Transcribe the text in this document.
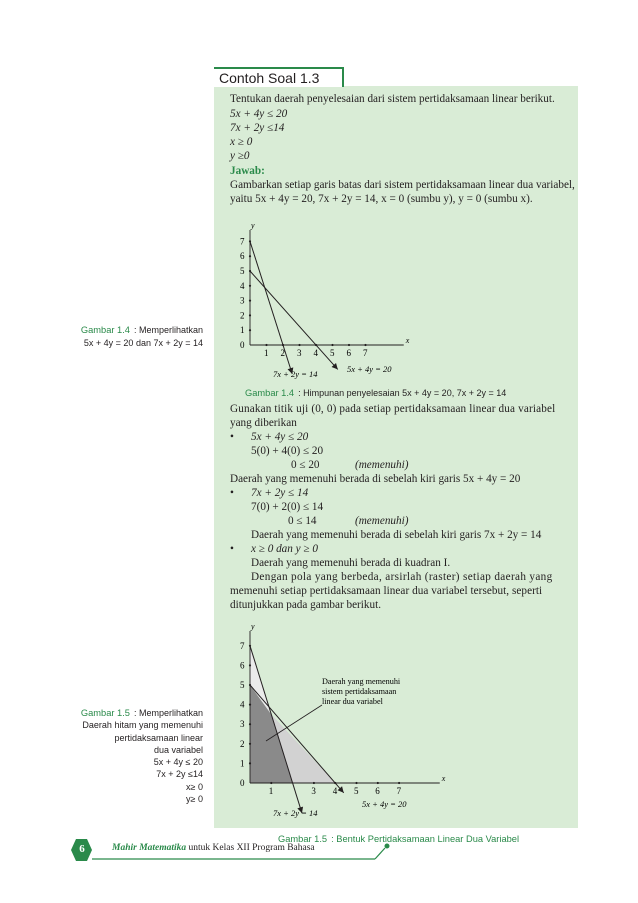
Contoh Soal 1.3
Tentukan daerah penyelesaian dari sistem pertidaksamaan linear berikut.
5x + 4y ≤ 20
7x + 2y ≤14
x ≥ 0
y ≥0
Jawab:
Gambarkan setiap garis batas dari sistem pertidaksamaan linear dua variabel,
yaitu 5x + 4y = 20, 7x + 2y = 14, x = 0 (sumbu y), y = 0 (sumbu x).
Gambar 1.4 : Memperlihatkan
5x + 4y = 20 dan 7x + 2y = 14	x
y
1 2 3 4 5 6 7
0
1
2
3
4
5
6
7
7x + 2y = 14	5x + 4y = 20
Gambar 1.4 : Himpunan penyelesaian 5x + 4y = 20, 7x + 2y = 14
Gunakan titik uji (0, 0) pada setiap pertidaksamaan linear dua variabel
yang diberikan
• 5x + 4y ≤ 20
5(0) + 4(0) ≤ 20
0 ≤ 20	(memenuhi)
Daerah yang memenuhi berada di sebelah kiri garis 5x + 4y = 20
• 7x + 2y ≤ 14
7(0) + 2(0) ≤ 14
0 ≤ 14	(memenuhi)
Daerah yang memenuhi berada di sebelah kiri garis 7x + 2y = 14
• x ≥ 0 dan y ≥ 0
Daerah yang memenuhi berada di kuadran I.
Dengan pola yang berbeda, arsirlah (raster) setiap daerah yang
memenuhi setiap pertidaksamaan linear dua variabel tersebut, seperti
ditunjukkan pada gambar berikut.
Gambar 1.5 : Memperlihatkan
Daerah hitam yang memenuhi
pertidaksamaan linear
dua variabel
5x + 4y ≤ 20
7x + 2y ≤14
x≥ 0
y≥ 0
x
y
1	3 4 5 6 7
0
1
2
3
4
5
6
7
7x + 2y = 14
5x + 4y = 20
Daerah yang memenuhi
sistem pertidaksamaan
linear dua variabel
Gambar 1.5 : Bentuk Pertidaksamaan Linear Dua Variabel
6	Mahir Matematika untuk Kelas XII Program Bahasa
